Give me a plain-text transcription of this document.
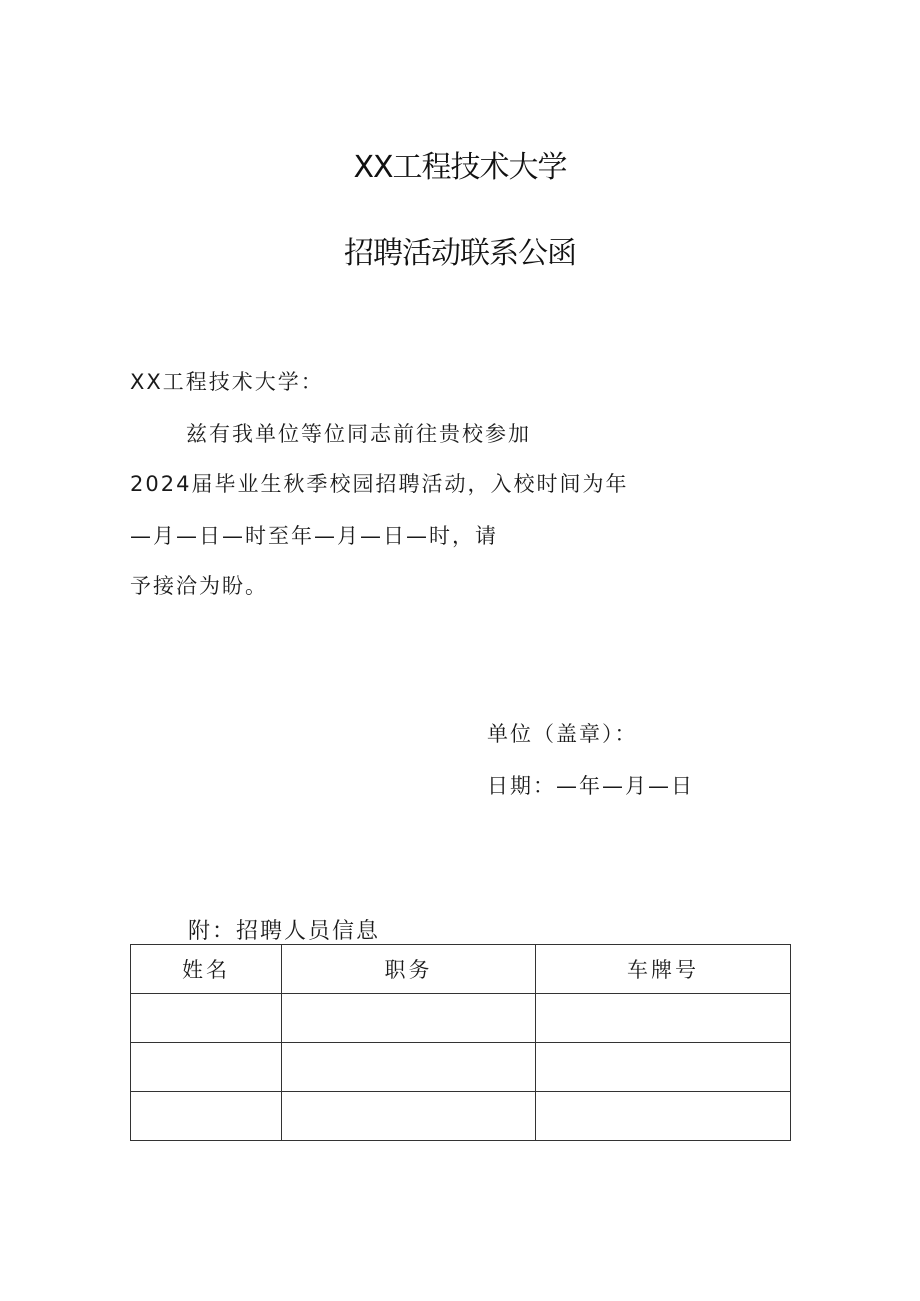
XX工程技术大学
招聘活动联系公函
XX工程技术大学：
兹有我单位等位同志前往贵校参加
2024届毕业生秋季校园招聘活动，入校时间为年
—月—日—时至年—月—日—时，请
予接洽为盼。
单位（盖章）：
日期：—年—月—日
附：招聘人员信息
姓名	职务	车牌号
